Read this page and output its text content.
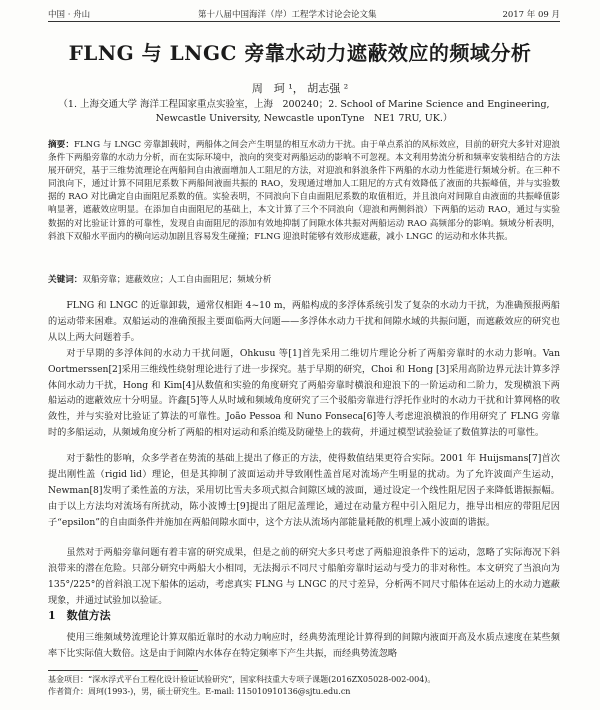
中国 · 舟山	第十八届中国海洋（岸）工程学术讨论会论文集	2017 年 09 月
FLNG 与 LNGC 旁靠水动力遮蔽效应的频域分析
周　珂 ¹， 胡志强 ²
（1. 上海交通大学 海洋工程国家重点实验室，上海　200240；2. School of Marine Science and Engineering,
Newcastle University, Newcastle uponTyne　NE1 7RU, UK.）
摘要：FLNG 与 LNGC 旁靠卸载时，两船体之间会产生明显的相互水动力干扰。由于单点系泊的风标效应，目前的研究大多针对迎浪条件下两船旁靠的水动力分析，而在实际环境中，浪向的突变对两船运动的影响不可忽视。本文利用势流分析和频率安装相结合的方法展开研究，基于三维势流理论在两船间自由液面增加人工阻尼的方法，对迎浪和斜浪条件下两船的水动力性能进行频域分析。在三种不同浪向下，通过计算不同阻尼系数下两船间液面共振的 RAO，发现通过增加人工阻尼的方式有效降低了液面的共振峰值，并与实验数据的 RAO 对比确定自由面阻尼系数的值。实验表明，不同浪向下自由面阻尼系数的取值相近，并且浪向对间隙自由液面的共振峰值影响显著，遮蔽效应明显。在添加自由面阻尼的基础上，本文计算了三个不同浪向（迎浪和两侧斜浪）下两船的运动 RAO，通过与实验数据的对比验证计算的可靠性，发现自由面阻尼的添加有效地抑制了间隙水体共振对两船运动 RAO 高频部分的影响。频域分析表明，斜浪下双船水平面内的横向运动加剧且容易发生碰撞；FLNG 迎浪时能够有效形成遮蔽，减小 LNGC 的运动和水体共振。
关键词：双船旁靠；遮蔽效应；人工自由面阻尼；频域分析

FLNG 和 LNGC 的近靠卸载，通常仅相距 4~10 m，两船构成的多浮体系统引发了复杂的水动力干扰，为准确预报两船的运动带来困难。双船运动的准确预报主要面临两大问题——多浮体水动力干扰和间隙水域的共振问题，而遮蔽效应的研究也从以上两大问题着手。

对于早期的多浮体间的水动力干扰问题，Ohkusu 等[1]首先采用二维切片理论分析了两船旁靠时的水动力影响。Van Oortmerssen[2]采用三维线性绕射理论进行了进一步探究。基于早期的研究，Choi 和 Hong [3]采用高阶边界元法计算多浮体间水动力干扰，Hong 和 Kim[4]从数值和实验的角度研究了两船旁靠时横浪和迎浪下的一阶运动和二阶力，发现横浪下两船运动的遮蔽效应十分明显。许鑫[5]等人从时域和频域角度研究了三个驳船旁靠进行浮托作业时的水动力干扰和计算网格的收敛性，并与实验对比验证了算法的可靠性。João Pessoa 和 Nuno Fonseca[6]等人考虑迎浪横浪的作用研究了 FLNG 旁靠时的多船运动，从频域角度分析了两船的相对运动和系泊缆及防碰垫上的载荷，并通过模型试验验证了数值算法的可靠性。

对于黏性的影响，众多学者在势流的基础上提出了修正的方法，使得数值结果更符合实际。2001 年 Huijsmans[7]首次提出刚性盖（rigid lid）理论，但是其抑制了波面运动并导致刚性盖首尾对流场产生明显的扰动。为了允许波面产生运动，Newman[8]发明了柔性盖的方法，采用切比雪夫多项式拟合间隙区域的波面，通过设定一个线性阻尼因子来降低谐振振幅。由于以上方法均对流场有所扰动，陈小波博士[9]提出了阻尼盖理论，通过在动量方程中引入阻尼力，推导出相应的带阻尼因子“epsilon”的自由面条件并施加在两船间隙水面中，这个方法从流场内部能量耗散的机理上减小波面的谐振。

虽然对于两船旁靠问题有着丰富的研究成果，但是之前的研究大多只考虑了两船迎浪条件下的运动，忽略了实际海况下斜浪带来的潜在危险。只部分研究中两船大小相同，无法揭示不同尺寸船舶旁靠时运动与受力的非对称性。本文研究了当浪向为 135°/225°的首斜浪工况下船体的运动，考虑真实 FLNG 与 LNGC 的尺寸差异，分析两不同尺寸船体在运动上的水动力遮蔽现象，并通过试验加以验证。

1　数值方法

使用三维频域势流理论计算双船近靠时的水动力响应时，经典势流理论计算得到的间隙内液面开高及水质点速度在某些频率下比实际值大数倍。这是由于间隙内水体存在特定频率下产生共振，而经典势流忽略

基金项目：“深水浮式平台工程化设计验证试验研究”，国家科技重大专项子课题(2016ZX05028-002-004)。
作者简介：周珂(1993-)，男，硕士研究生。E-mail: 115010910136@sjtu.edu.cn
